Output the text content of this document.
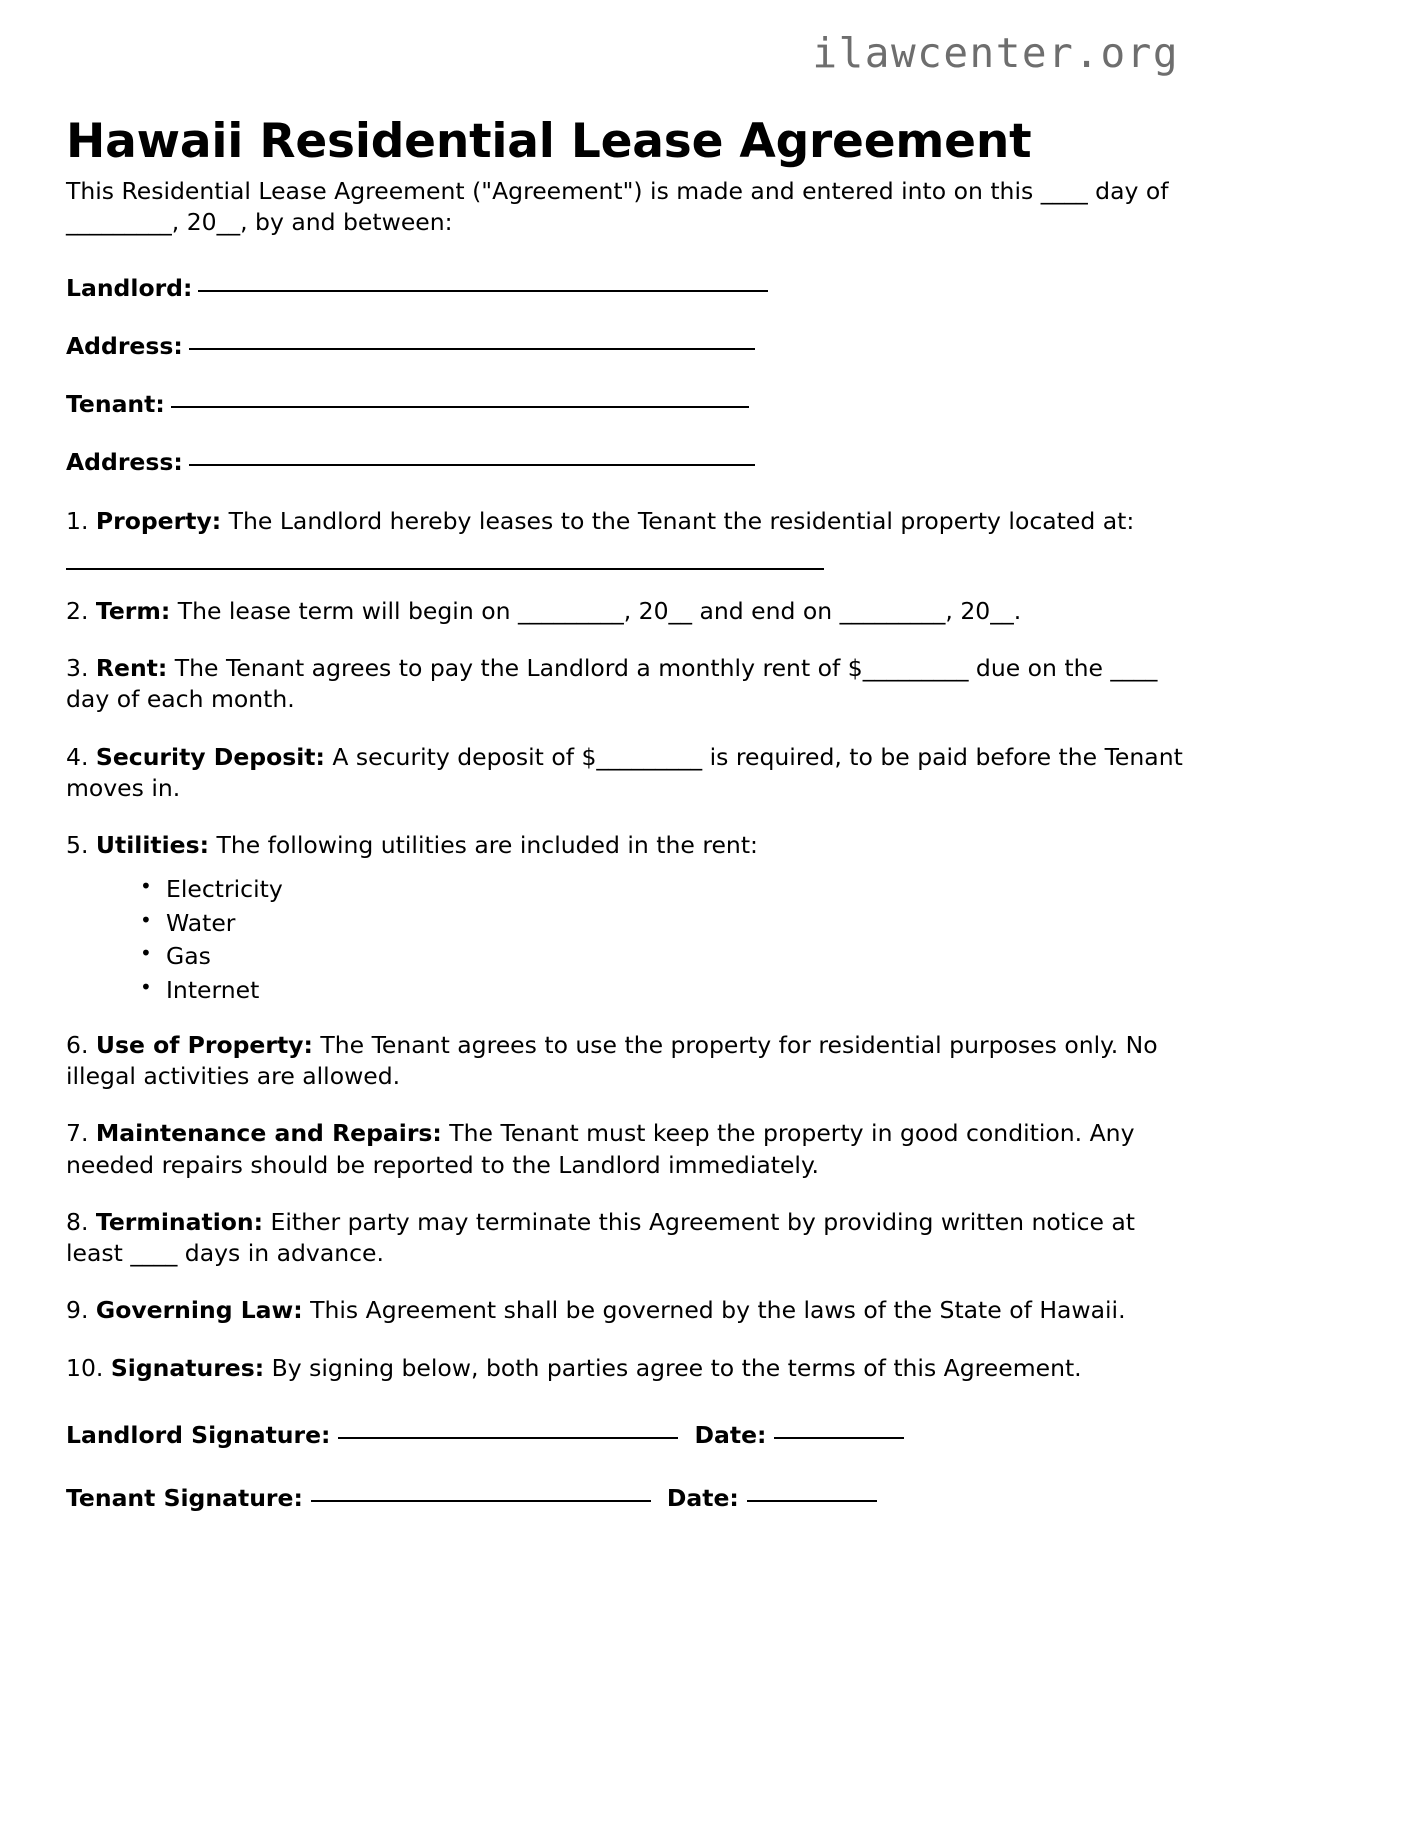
ilawcenter.org
Hawaii Residential Lease Agreement

This Residential Lease Agreement ("Agreement") is made and entered into on this ____ day of _________, 20__, by and between:

Landlord:
Address:
Tenant:
Address:

1. Property: The Landlord hereby leases to the Tenant the residential property located at:

2. Term: The lease term will begin on _________, 20__ and end on _________, 20__.

3. Rent: The Tenant agrees to pay the Landlord a monthly rent of $_________ due on the ____ day of each month.

4. Security Deposit: A security deposit of $_________ is required, to be paid before the Tenant moves in.

5. Utilities: The following utilities are included in the rent:

• Electricity
• Water
• Gas
• Internet

6. Use of Property: The Tenant agrees to use the property for residential purposes only. No illegal activities are allowed.

7. Maintenance and Repairs: The Tenant must keep the property in good condition. Any needed repairs should be reported to the Landlord immediately.

8. Termination: Either party may terminate this Agreement by providing written notice at least ____ days in advance.

9. Governing Law: This Agreement shall be governed by the laws of the State of Hawaii.

10. Signatures: By signing below, both parties agree to the terms of this Agreement.

Landlord Signature:	Date:
Tenant Signature:	Date:
